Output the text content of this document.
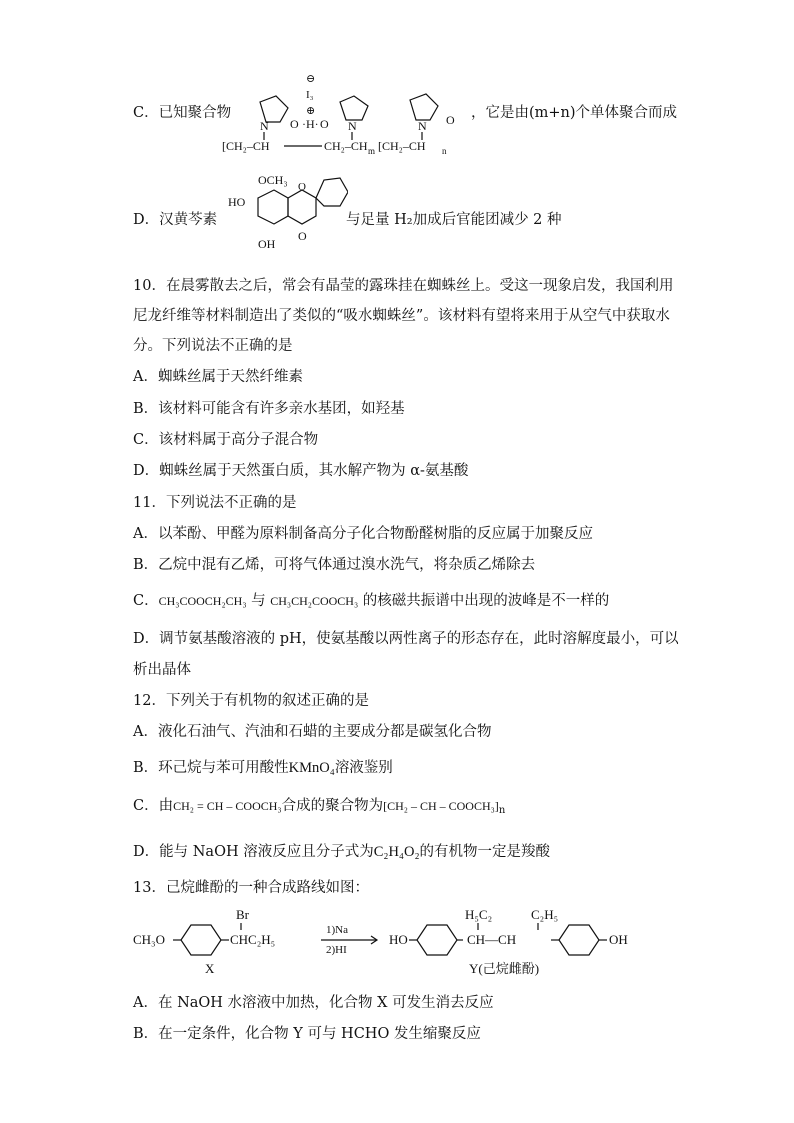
C．已知聚合物
⊖
I₃
⊕
N O ·H· O N	N O
[CH₂–CH	CH₂–CH m [CH₂–CH n
，它是由(m+n)个单体聚合而成
D．汉黄芩素
OCH₃
HO
O
OH
O
与足量 H₂加成后官能团减少 2 种
10．在晨雾散去之后，常会有晶莹的露珠挂在蜘蛛丝上。受这一现象启发，我国利用
尼龙纤维等材料制造出了类似的“吸水蜘蛛丝”。该材料有望将来用于从空气中获取水
分。下列说法不正确的是
A．蜘蛛丝属于天然纤维素
B．该材料可能含有许多亲水基团，如羟基
C．该材料属于高分子混合物
D．蜘蛛丝属于天然蛋白质，其水解产物为 α-氨基酸
11．下列说法不正确的是
A．以苯酚、甲醛为原料制备高分子化合物酚醛树脂的反应属于加聚反应
B．乙烷中混有乙烯，可将气体通过溴水洗气，将杂质乙烯除去
C．CH₃COOCH₂CH₃ 与 CH₃CH₂COOCH₃ 的核磁共振谱中出现的波峰是不一样的
D．调节氨基酸溶液的 pH，使氨基酸以两性离子的形态存在，此时溶解度最小，可以
析出晶体
12．下列关于有机物的叙述正确的是
A．液化石油气、汽油和石蜡的主要成分都是碳氢化合物
B．环己烷与苯可用酸性KMnO₄溶液鉴别
C．由CH₂ = CH – COOCH₃合成的聚合物为[CH₂ – CH – $COOCH_3]_n$
D．能与 NaOH 溶液反应且分子式为C₂H₄O₂的有机物一定是羧酸
13．己烷雌酚的一种合成路线如图：
CH₃O
Br
CHC₂H₅
X
1)Na
2)HI
HO
H₅C₂	C₂H₅
CH—CH	OH
Y(己烷雌酚)
A．在 NaOH 水溶液中加热，化合物 X 可发生消去反应
B．在一定条件，化合物 Y 可与 HCHO 发生缩聚反应
